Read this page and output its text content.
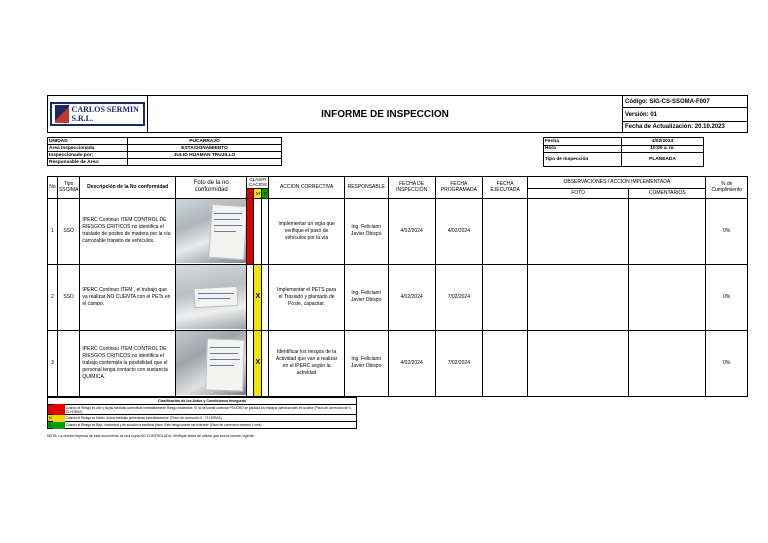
CARLOS SERMIN S.R.L.	INFORME DE INSPECCION	Código: SIG-CS-SSOMA-F007
Versión: 01
Fecha de Actualización: 20.10.2023
UNIDAD	PUCARRAJO
Área Inspeccionada	ESTACIONAMIENTO
Inspeccionado por;	JULIO HUAMAN TRUJILLO
Responsable de Área:	
Fecha	4/02/2024
Hora	10:00 a. m.
Tipo de Inspección	PLANEADA
No	Tipo SSO/MA	Descripción de la No conformidad	Foto de la no conformidad	CLASIFI CACION			ACCION CORRECTIVA	RESPONSABLE	FECHA DE INSPECCIÓN	FECHA PROGRAMADA	FECHA EJECUTADA	OBSERVACIONES / ACCION IMPLEMENTADA		% de Cumplimiento
				A	M	B						FOTO	COMENTARIOS	
1	SSO	IPERC Continuo ITEM CONTROL DE RIESGOS CRITICOS no identifica el traslado de postes de madera por la vía carrozable transito de vehículos.					Implementar un vigía que verifique el paso de vehículos por la vía	Ing. Feliciano Javier Obispo	4/02/2024	4/02/2024				0%
2	SSO	IPERC Continuo ITEM , el trabajo que va realizar NO CUENTA con el PETs en el campo.			X		Implementar el PETS para el Traslado y plantado de Poste, capacitar.	Ing. Feliciano Javier Obispo	4/02/2024	7/02/2024				0%
3		IPERC Continuo ITEM CONTROL DE RIESGOS CRITICOS no identifica el trabajo contempla la posibilidad que el personal tenga contacto con sustancia QUIMICA.			X		Identificar los riesgos de la Actividad que van a realizar en el IPERC según la actividad	Ing. Feliciano Javier Obispo	4/02/2024	7/02/2024				0%
Clasificación de los Actos y Condiciones Inseguras	
	Cuando el Riesgo es Alto y cuyas medidas correctivas inmediatamente.Riesgo intolerable. Si no se puede controlar PELIGRO se paraliza los trabajos operacionales en la labor (Plazo de corrección de 0-24 HORAS)
M	Cuando el Riesgo es Medio, iniciar medidas preventivas inmediatamente. (Plazo de corrección 0 - 72 HORAS)
B	Cuando el Riesgo es Bajo, comunicar y de solución a mediano plazo. Este riesgo puede ser tolerante (Plazo de corrección máximo 1 mes)
NOTA: La versión impresa de este documento es una copia NO CONTROLADA. Verifique antes de utilizar que sea la versión vigente.
